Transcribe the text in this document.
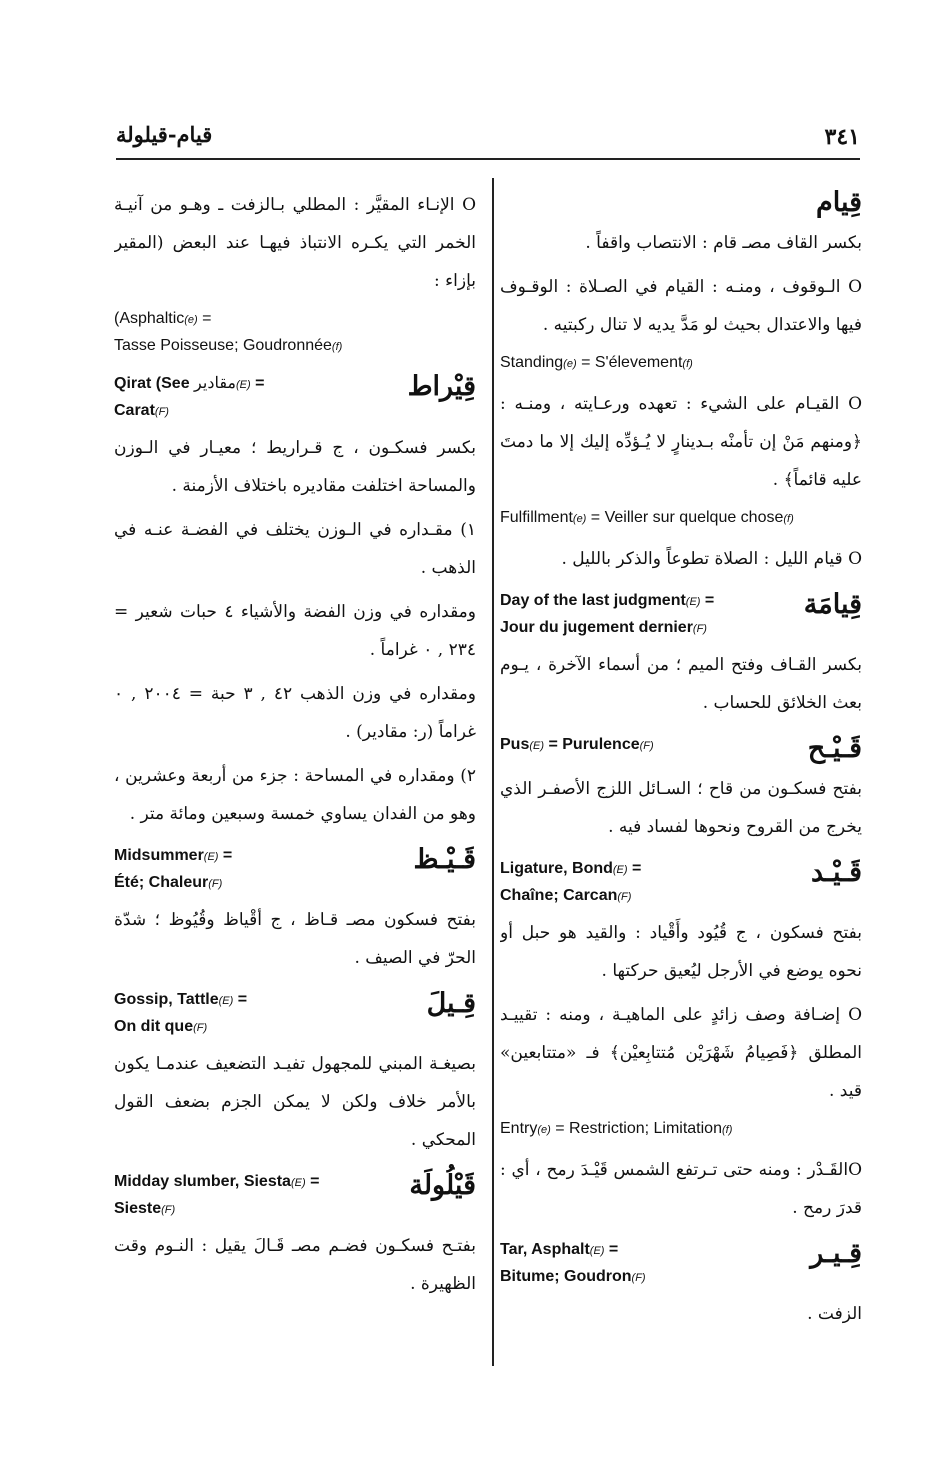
قيام-قيلولة	٣٤١
قِيام

بكسر القاف مصـ قام : الانتصاب واقفاً .

O الـوقوف ، ومنـه : القيام في الصـلاة : الوقـوف فيها والاعتدال بحيث لو مَدَّ يديه لا تنال ركبتيه .

Standing(e) = S'élevement(f)

O القيـام على الشيء : تعهده ورعـايته ، ومنـه : ﴿ومنهم مَنْ إن تأمنْه بـدينارٍ لا يُـؤدِّه إليك إلا ما دمتَ عليه قائماً﴾ .

Fulfillment(e) = Veiller sur quelque chose(f)

O قيام الليل : الصلاة تطوعاً والذكر بالليل .

قِيامَة
Day of the last judgment(E) =
Jour du jugement dernier(F)

بكسر القـاف وفتح الميم ؛ من أسماء الآخرة ، يـوم بعث الخلائق للحساب .

قَـيْـح
Pus(E) = Purulence(F)

بفتح فسكـون من قاح ؛ السـائل اللزج الأصفـر الذي يخرج من القروح ونحوها لفساد فيه .

قَـيْـد
Ligature, Bond(E) =
Chaîne; Carcan(F)

بفتح فسكون ، ج قُيُود وأَقْياد : والقيد هو حبل أو نحوه يوضع في الأرجل ليُعيق حركتها .

O إضـافة وصف زائدٍ على الماهيـة ، ومنه : تقييـد المطلق ﴿فَصِيامُ شَهْرَيْن مُتتابِعيْن﴾ فـ «متتابعين» قيد .

Entry(e) = Restriction; Limitation(f)

Oالقَـدْر : ومنه حتى تـرتفع الشمس قَيْـدَ رمح ، أي : قدرَ رمح .

قِـيـر
Tar, Asphalt(E) =
Bitume; Goudron(F)

الزفت .

O الإنـاء المقيَّر : المطلي بـالزفت ـ وهـو من آنيـة الخمر التي يكـره الانتباذ فيهـا عند البعض (المقير بإزاء :

(Asphaltic(e) =

Tasse Poisseuse; Goudronnée(f)

قِيْراط
Qirat (See مقادير(E) =
Carat(F)

بكسر فسكـون ، ج قـراريط ؛ معيـار في الـوزن والمساحة اختلفت مقاديره باختلاف الأزمنة .

١) مقـداره في الـوزن يختلف في الفضـة عنـه في الذهب .

ومقداره في وزن الفضة والأشياء ٤ حبات شعير = ٢٣٤ , ٠ غراماً .

ومقداره في وزن الذهب ٤٢ , ٣ حبة = ٢٠٠٤ , ٠ غراماً (ر: مقادير) .

٢) ومقداره في المساحة : جزء من أربعة وعشرين ، وهو من الفدان يساوي خمسة وسبعين ومائة متر .

قَـيْـظ
Midsummer(E) =
Été; Chaleur(F)

بفتح فسكون مصـ قـاظ ، ج أقْياظ وقُيُوظ ؛ شدّة الحرّ في الصيف .

قِـيلَ
Gossip, Tattle(E) =
On dit que(F)

بصيغـة المبني للمجهول تفيـد التضعيف عندمـا يكون بالأمر خلاف ولكن لا يمكن الجزم بضعف القول المحكي .

قَيْلُولَة
Midday slumber, Siesta(E) =
Sieste(F)

بفتـح فسكـون فضـم مصـ قَـالَ يقيل : النـوم وقت الظهيرة .
